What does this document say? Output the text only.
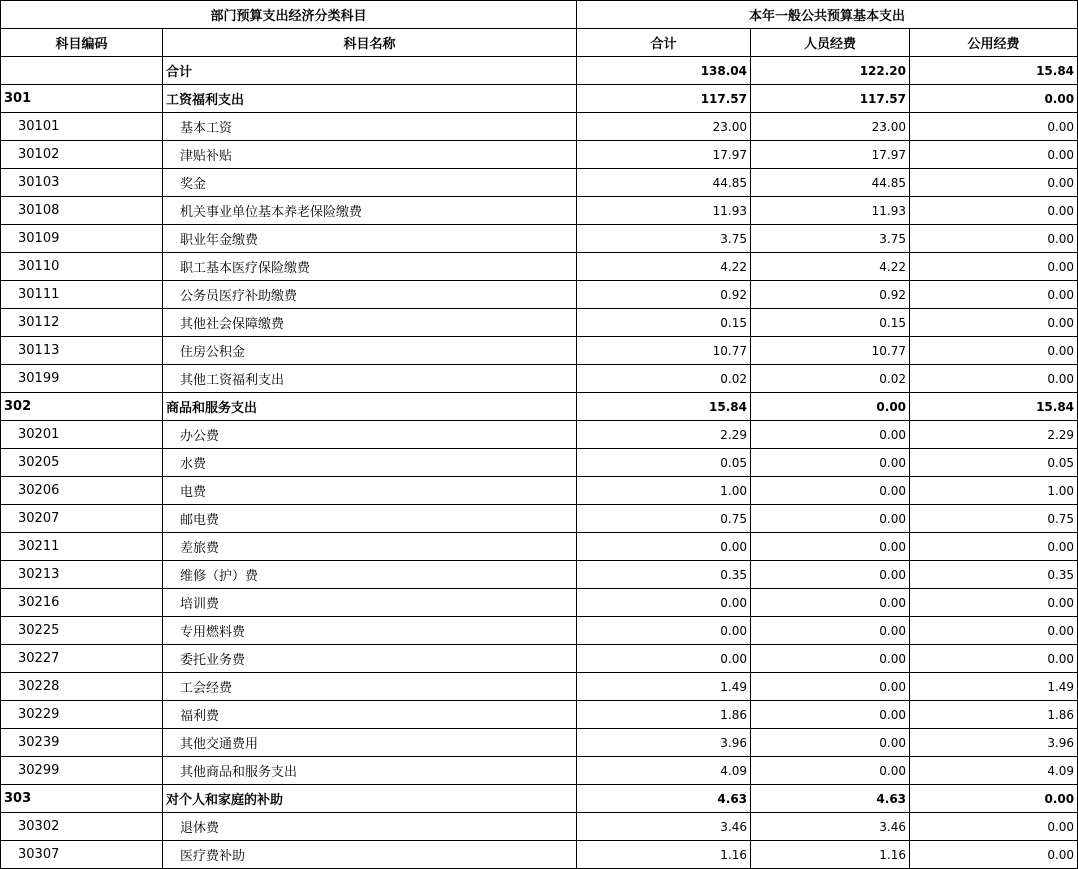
部门预算支出经济分类科目		本年一般公共预算基本支出		
科目编码	科目名称	合计	人员经费	公用经费
	合计	138.04	122.20	15.84
301	工资福利支出	117.57	117.57	0.00
30101	基本工资	23.00	23.00	0.00
30102	津贴补贴	17.97	17.97	0.00
30103	奖金	44.85	44.85	0.00
30108	机关事业单位基本养老保险缴费	11.93	11.93	0.00
30109	职业年金缴费	3.75	3.75	0.00
30110	职工基本医疗保险缴费	4.22	4.22	0.00
30111	公务员医疗补助缴费	0.92	0.92	0.00
30112	其他社会保障缴费	0.15	0.15	0.00
30113	住房公积金	10.77	10.77	0.00
30199	其他工资福利支出	0.02	0.02	0.00
302	商品和服务支出	15.84	0.00	15.84
30201	办公费	2.29	0.00	2.29
30205	水费	0.05	0.00	0.05
30206	电费	1.00	0.00	1.00
30207	邮电费	0.75	0.00	0.75
30211	差旅费	0.00	0.00	0.00
30213	维修（护）费	0.35	0.00	0.35
30216	培训费	0.00	0.00	0.00
30225	专用燃料费	0.00	0.00	0.00
30227	委托业务费	0.00	0.00	0.00
30228	工会经费	1.49	0.00	1.49
30229	福利费	1.86	0.00	1.86
30239	其他交通费用	3.96	0.00	3.96
30299	其他商品和服务支出	4.09	0.00	4.09
303	对个人和家庭的补助	4.63	4.63	0.00
30302	退休费	3.46	3.46	0.00
30307	医疗费补助	1.16	1.16	0.00
